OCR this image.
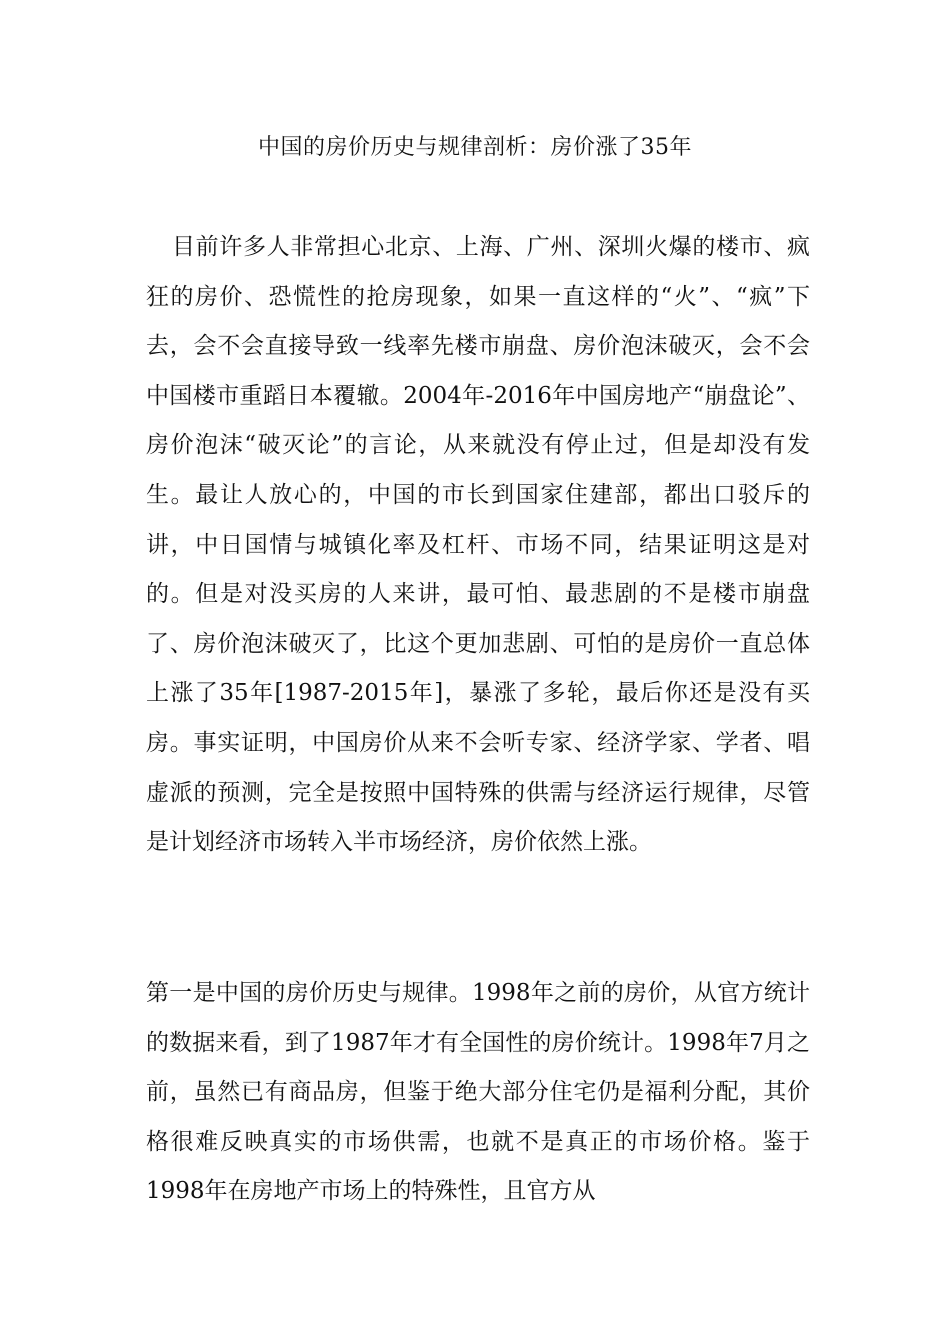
中国的房价历史与规律剖析：房价涨了35年

目前许多人非常担心北京、上海、广州、深圳火爆的楼市、疯狂的房价、恐慌性的抢房现象，如果一直这样的“火”、“疯”下去，会不会直接导致一线率先楼市崩盘、房价泡沫破灭，会不会中国楼市重蹈日本覆辙。2004年-2016年中国房地产“崩盘论”、房价泡沫“破灭论”的言论，从来就没有停止过，但是却没有发生。最让人放心的，中国的市长到国家住建部，都出口驳斥的讲，中日国情与城镇化率及杠杆、市场不同，结果证明这是对的。但是对没买房的人来讲，最可怕、最悲剧的不是楼市崩盘了、房价泡沫破灭了，比这个更加悲剧、可怕的是房价一直总体上涨了35年[1987-2015年]，暴涨了多轮，最后你还是没有买房。事实证明，中国房价从来不会听专家、经济学家、学者、唱虚派的预测，完全是按照中国特殊的供需与经济运行规律，尽管是计划经济市场转入半市场经济，房价依然上涨。

第一是中国的房价历史与规律。1998年之前的房价，从官方统计的数据来看，到了1987年才有全国性的房价统计。1998年7月之前，虽然已有商品房，但鉴于绝大部分住宅仍是福利分配，其价格很难反映真实的市场供需，也就不是真正的市场价格。鉴于1998年在房地产市场上的特殊性，且官方从
